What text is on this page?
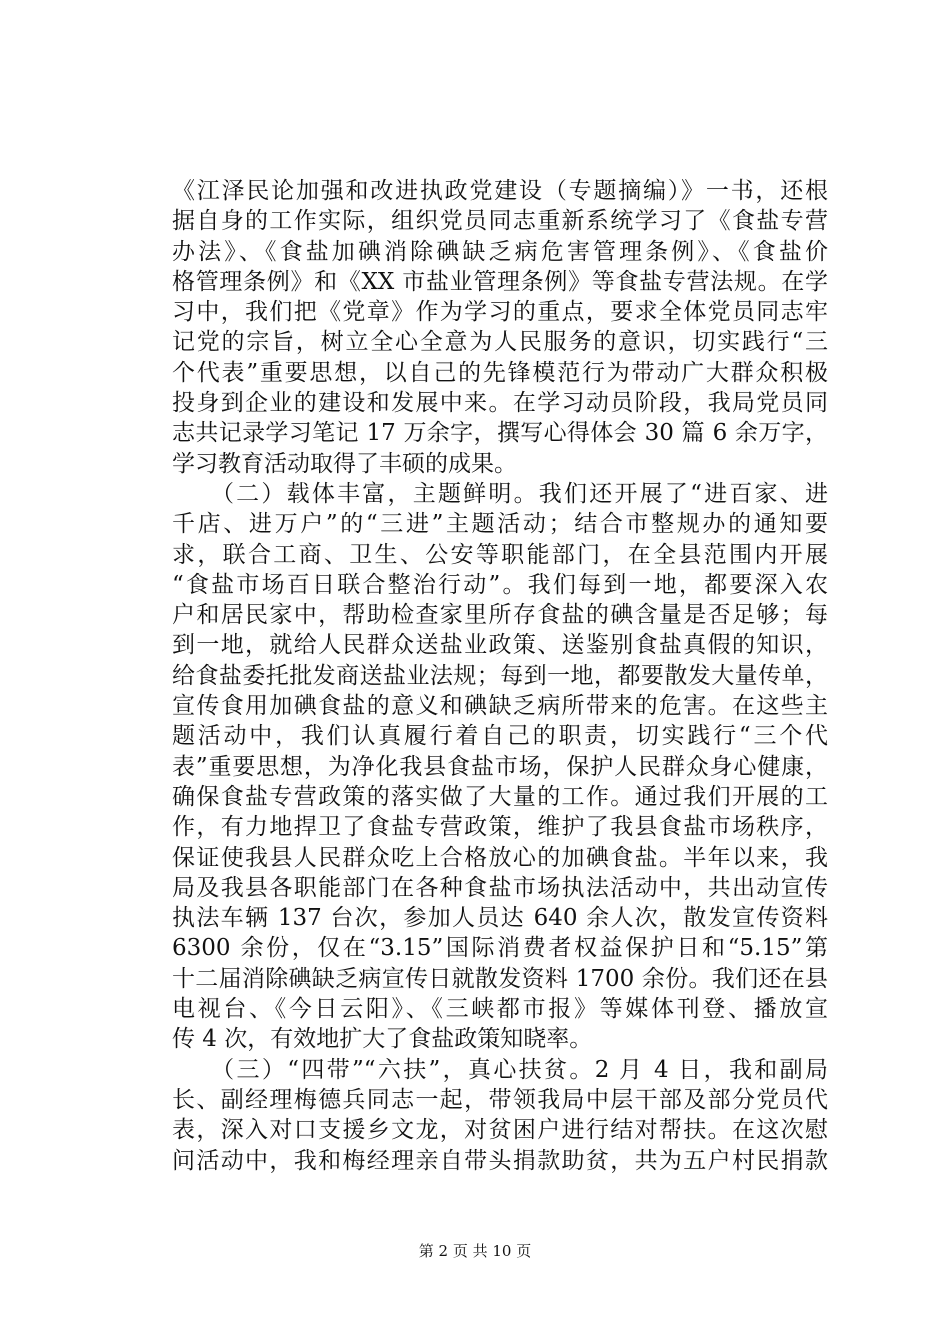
《江泽民论加强和改进执政党建设（专题摘编）》一书，还根
据自身的工作实际，组织党员同志重新系统学习了《食盐专营
办法》、《食盐加碘消除碘缺乏病危害管理条例》、《食盐价
格管理条例》和《XX 市盐业管理条例》等食盐专营法规。在学
习中，我们把《党章》作为学习的重点，要求全体党员同志牢
记党的宗旨，树立全心全意为人民服务的意识，切实践行“三
个代表”重要思想，以自己的先锋模范行为带动广大群众积极
投身到企业的建设和发展中来。在学习动员阶段，我局党员同
志共记录学习笔记 17 万余字，撰写心得体会 30 篇 6 余万字，
学习教育活动取得了丰硕的成果。
　　（二）载体丰富，主题鲜明。我们还开展了“进百家、进
千店、进万户”的“三进”主题活动；结合市整规办的通知要
求，联合工商、卫生、公安等职能部门，在全县范围内开展
“食盐市场百日联合整治行动”。我们每到一地，都要深入农
户和居民家中，帮助检查家里所存食盐的碘含量是否足够；每
到一地，就给人民群众送盐业政策、送鉴别食盐真假的知识，
给食盐委托批发商送盐业法规；每到一地，都要散发大量传单，
宣传食用加碘食盐的意义和碘缺乏病所带来的危害。在这些主
题活动中，我们认真履行着自己的职责，切实践行“三个代
表”重要思想，为净化我县食盐市场，保护人民群众身心健康，
确保食盐专营政策的落实做了大量的工作。通过我们开展的工
作，有力地捍卫了食盐专营政策，维护了我县食盐市场秩序，
保证使我县人民群众吃上合格放心的加碘食盐。半年以来，我
局及我县各职能部门在各种食盐市场执法活动中，共出动宣传
执法车辆 137 台次，参加人员达 640 余人次，散发宣传资料
6300 余份，仅在“3.15”国际消费者权益保护日和“5.15”第
十二届消除碘缺乏病宣传日就散发资料 1700 余份。我们还在县
电视台、《今日云阳》、《三峡都市报》等媒体刊登、播放宣
传 4 次，有效地扩大了食盐政策知晓率。
　　（三）“四带”“六扶”，真心扶贫。2 月 4 日，我和副局
长、副经理梅德兵同志一起，带领我局中层干部及部分党员代
表，深入对口支援乡文龙，对贫困户进行结对帮扶。在这次慰
问活动中，我和梅经理亲自带头捐款助贫，共为五户村民捐款
第 2 页 共 10 页
